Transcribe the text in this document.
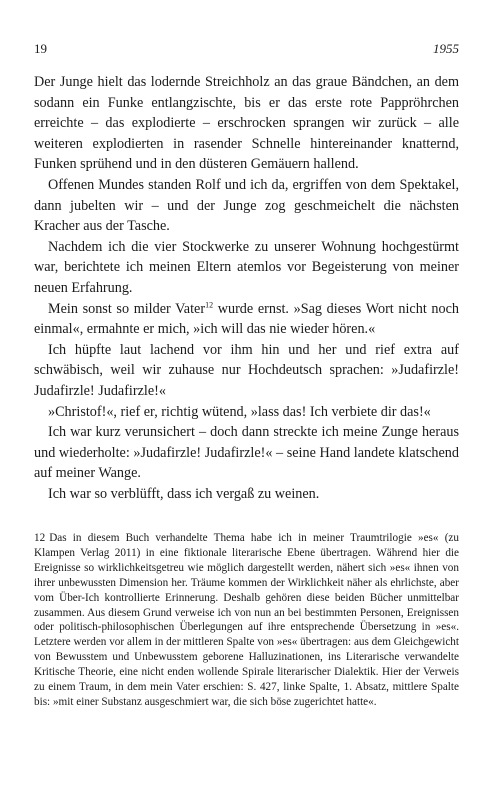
19	1955

Der Junge hielt das lodernde Streichholz an das graue Bändchen, an dem sodann ein Funke entlangzischte, bis er das erste rote Pappröhrchen erreichte – das explodierte – erschrocken sprangen wir zurück – alle weiteren explodierten in rasender Schnelle hintereinander knatternd, Funken sprühend und in den düsteren Gemäuern hallend.

Offenen Mundes standen Rolf und ich da, ergriffen von dem Spektakel, dann jubelten wir – und der Junge zog geschmeichelt die nächsten Kracher aus der Tasche.

Nachdem ich die vier Stockwerke zu unserer Wohnung hochgestürmt war, berichtete ich meinen Eltern atemlos vor Begeisterung von meiner neuen Erfahrung.

Mein sonst so milder Vater$^{12}$ wurde ernst. »Sag dieses Wort nicht noch einmal«, ermahnte er mich, »ich will das nie wieder hören.«

Ich hüpfte laut lachend vor ihm hin und her und rief extra auf schwäbisch, weil wir zuhause nur Hochdeutsch sprachen: »Judafirzle! Judafirzle! Judafirzle!«

»Christof!«, rief er, richtig wütend, »lass das! Ich verbiete dir das!«

Ich war kurz verunsichert – doch dann streckte ich meine Zunge heraus und wiederholte: »Judafirzle! Judafirzle!« – seine Hand landete klatschend auf meiner Wange.

Ich war so verblüfft, dass ich vergaß zu weinen.

12 Das in diesem Buch verhandelte Thema habe ich in meiner Traumtrilogie »es« (zu Klampen Verlag 2011) in eine fiktionale literarische Ebene übertragen. Während hier die Ereignisse so wirklichkeitsgetreu wie möglich dargestellt werden, nähert sich »es« ihnen von ihrer unbewussten Dimension her. Träume kommen der Wirklichkeit näher als ehrlichste, aber vom Über-Ich kontrollierte Erinnerung. Deshalb gehören diese beiden Bücher unmittelbar zusammen. Aus diesem Grund verweise ich von nun an bei bestimmten Personen, Ereignissen oder politisch-philosophischen Überlegungen auf ihre entsprechende Übersetzung in »es«. Letztere werden vor allem in der mittleren Spalte von »es« übertragen: aus dem Gleichgewicht von Bewusstem und Unbewusstem geborene Halluzinationen, ins Literarische verwandelte Kritische Theorie, eine nicht enden wollende Spirale literarischer Dialektik. Hier der Verweis zu einem Traum, in dem mein Vater erschien: S. 427, linke Spalte, 1. Absatz, mittlere Spalte bis: »mit einer Substanz ausgeschmiert war, die sich böse zugerichtet hatte«.
